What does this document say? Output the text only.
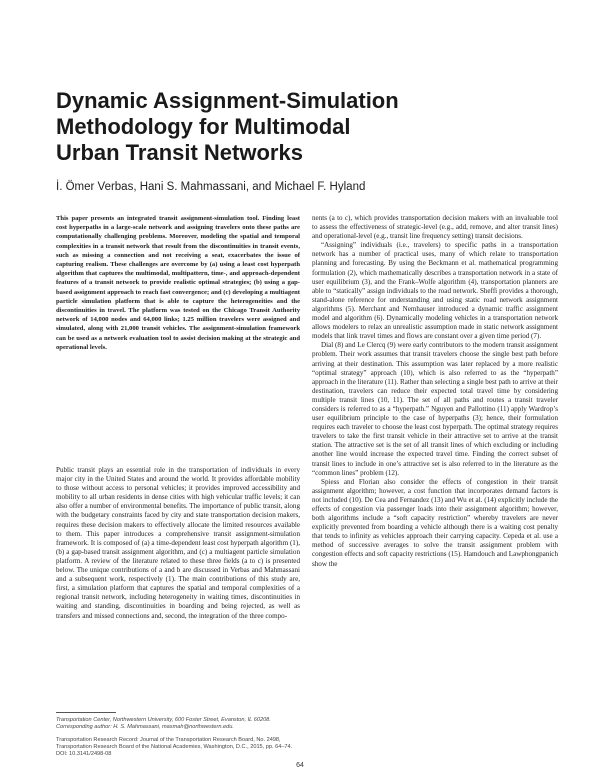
Dynamic Assignment-Simulation
Methodology for Multimodal
Urban Transit Networks
İ. Ömer Verbas, Hani S. Mahmassani, and Michael F. Hyland

This paper presents an integrated transit assignment-simulation tool. Finding least cost hyperpaths in a large-scale network and assigning travelers onto these paths are computationally challenging problems. Moreover, modeling the spatial and temporal complexities in a transit network that result from the discontinuities in transit events, such as missing a connection and not receiving a seat, exacerbates the issue of capturing realism. These challenges are overcome by (a) using a least cost hyperpath algorithm that captures the multimodal, multipattern, time-, and approach-dependent features of a transit network to provide realistic optimal strategies; (b) using a gap-based assignment approach to reach fast convergence; and (c) developing a multiagent particle simulation platform that is able to capture the heterogeneities and the discontinuities in travel. The platform was tested on the Chicago Transit Authority network of 14,000 nodes and 64,000 links; 1.25 million travelers were assigned and simulated, along with 21,000 transit vehicles. The assignment-simulation framework can be used as a network evaluation tool to assist decision making at the strategic and operational levels.

Public transit plays an essential role in the transportation of individuals in every major city in the United States and around the world. It provides affordable mobility to those without access to personal vehicles; it provides improved accessibility and mobility to all urban residents in dense cities with high vehicular traffic levels; it can also offer a number of environmental benefits. The importance of public transit, along with the budgetary constraints faced by city and state transportation decision makers, requires these decision makers to effectively allocate the limited resources available to them. This paper introduces a comprehensive transit assignment-simulation framework. It is composed of (a) a time-dependent least cost hyperpath algorithm (1), (b) a gap-based transit assignment algorithm, and (c) a multiagent particle simulation platform. A review of the literature related to these three fields (a to c) is presented below. The unique contributions of a and b are discussed in Verbas and Mahmassani and a subsequent work, respectively (1). The main contributions of this study are, first, a simulation platform that captures the spatial and temporal complexities of a regional transit network, including heterogeneity in waiting times, discontinuities in waiting and standing, discontinuities in boarding and being rejected, as well as transfers and missed connections and, second, the integration of the three compo-

nents (a to c), which provides transportation decision makers with an invaluable tool to assess the effectiveness of strategic-level (e.g., add, remove, and alter transit lines) and operational-level (e.g., transit line frequency setting) transit decisions.

“Assigning” individuals (i.e., travelers) to specific paths in a transportation network has a number of practical uses, many of which relate to transportation planning and forecasting. By using the Beckmann et al. mathematical programming formulation (2), which mathematically describes a transportation network in a state of user equilibrium (3), and the Frank–Wolfe algorithm (4), transportation planners are able to “statically” assign individuals to the road network. Sheffi provides a thorough, stand-alone reference for understanding and using static road network assignment algorithms (5). Merchant and Nemhauser introduced a dynamic traffic assignment model and algorithm (6). Dynamically modeling vehicles in a transportation network allows modelers to relax an unrealistic assumption made in static network assignment models that link travel times and flows are constant over a given time period (7).

Dial (8) and Le Clercq (9) were early contributors to the modern transit assignment problem. Their work assumes that transit travelers choose the single best path before arriving at their destination. This assumption was later replaced by a more realistic “optimal strategy” approach (10), which is also referred to as the “hyperpath” approach in the literature (11). Rather than selecting a single best path to arrive at their destination, travelers can reduce their expected total travel time by considering multiple transit lines (10, 11). The set of all paths and routes a transit traveler considers is referred to as a “hyperpath.” Nguyen and Pallottino (11) apply Wardrop’s user equilibrium principle to the case of hyperpaths (3); hence, their formulation requires each traveler to choose the least cost hyperpath. The optimal strategy requires travelers to take the first transit vehicle in their attractive set to arrive at the transit station. The attractive set is the set of all transit lines of which excluding or including another line would increase the expected travel time. Finding the correct subset of transit lines to include in one’s attractive set is also referred to in the literature as the “common lines” problem (12).

Spiess and Florian also consider the effects of congestion in their transit assignment algorithm; however, a cost function that incorporates demand factors is not included (10). De Cea and Fernandez (13) and Wu et al. (14) explicitly include the effects of congestion via passenger loads into their assignment algorithm; however, both algorithms include a “soft capacity restriction” whereby travelers are never explicitly prevented from boarding a vehicle although there is a waiting cost penalty that tends to infinity as vehicles approach their carrying capacity. Cepeda et al. use a method of successive averages to solve the transit assignment problem with congestion effects and soft capacity restrictions (15). Hamdouch and Lawphongpanich show the

Transportation Center, Northwestern University, 600 Foster Street, Evanston, IL 60208. Corresponding author: H. S. Mahmassani, masmah@northwestern.edu.

Transportation Research Record: Journal of the Transportation Research Board, No. 2498, Transportation Research Board of the National Academies, Washington, D.C., 2015, pp. 64–74. DOI: 10.3141/2498-08

64
